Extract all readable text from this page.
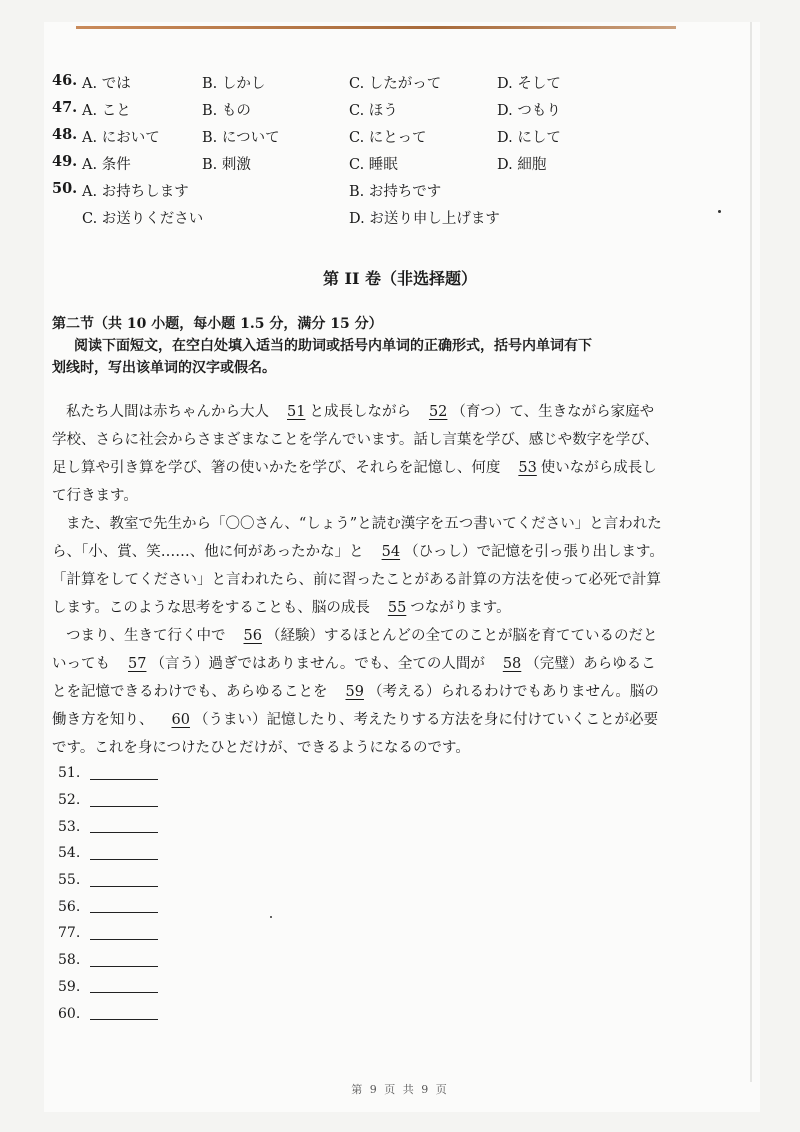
46. A. では	B. しかし	C. したがって	D. そして
47. A. こと	B. もの	C. ほう	D. つもり
48. A. において	B. について	C. にとって	D. にして
49. A. 条件	B. 刺激	C. 睡眠	D. 細胞
50. A. お持ちします	B. お持ちです
C. お送りください	D. お送り申し上げます
第 II 卷（非选择题）
第二节（共 10 小题，每小题 1.5 分，满分 15 分）
阅读下面短文，在空白处填入适当的助词或括号内单词的正确形式，括号内单词有下
划线时，写出该单词的汉字或假名。

私たち人間は赤ちゃんから大人 51 と成長しながら 52 （育つ）て、生きながら家庭や学校、さらに社会からさまざまなことを学んでいます。話し言葉を学び、感じや数字を学び、足し算や引き算を学び、箸の使いかたを学び、それらを記憶し、何度 53 使いながら成長して行きます。

また、教室で先生から「〇〇さん、“しょう”と読む漢字を五つ書いてください」と言われたら、「小、賞、笑……、他に何があったかな」と 54 （ひっし）で記憶を引っ張り出します。「計算をしてください」と言われたら、前に習ったことがある計算の方法を使って必死で計算します。このような思考をすることも、脳の成長 55 つながります。

つまり、生きて行く中で 56 （経験）するほとんどの全てのことが脳を育てているのだといっても 57 （言う）過ぎではありません。でも、全ての人間が 58 （完璧）あらゆることを記憶できるわけでも、あらゆることを 59 （考える）られるわけでもありません。脳の働き方を知り、 60 （うまい）記憶したり、考えたりする方法を身に付けていくことが必要です。これを身につけたひとだけが、できるようになるのです。

51.
52.
53.
54.
55.
56.
77.
58.
59.
60.
第 9 页 共 9 页
